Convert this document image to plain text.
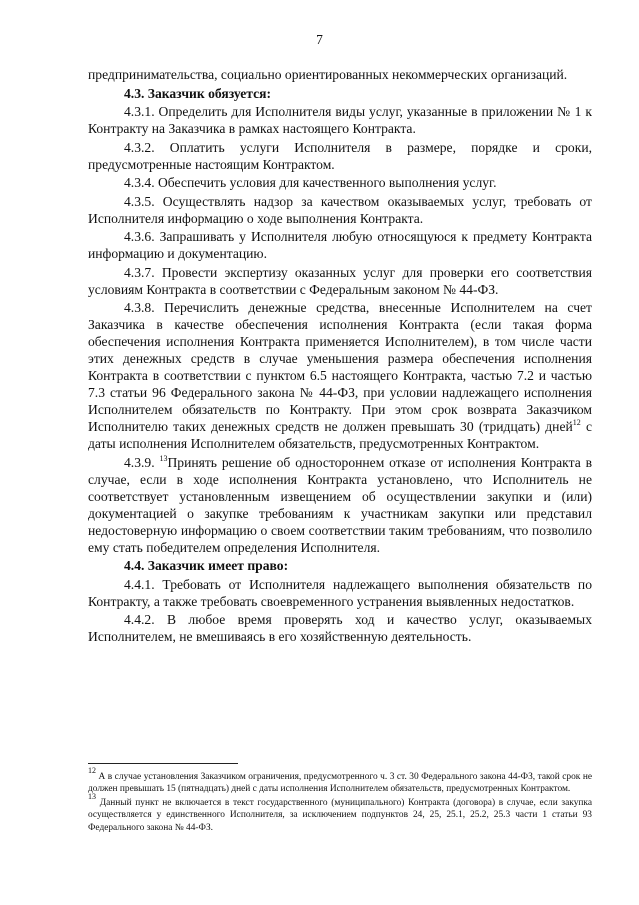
7

предпринимательства, социально ориентированных некоммерческих организаций.

4.3. Заказчик обязуется:

4.3.1. Определить для Исполнителя виды услуг, указанные в приложении № 1 к Контракту на Заказчика в рамках настоящего Контракта.

4.3.2. Оплатить услуги Исполнителя в размере, порядке и сроки, предусмотренные настоящим Контрактом.

4.3.4. Обеспечить условия для качественного выполнения услуг.

4.3.5. Осуществлять надзор за качеством оказываемых услуг, требовать от Исполнителя информацию о ходе выполнения Контракта.

4.3.6. Запрашивать у Исполнителя любую относящуюся к предмету Контракта информацию и документацию.

4.3.7. Провести экспертизу оказанных услуг для проверки его соответствия условиям Контракта в соответствии с Федеральным законом № 44-ФЗ.

4.3.8. Перечислить денежные средства, внесенные Исполнителем на счет Заказчика в качестве обеспечения исполнения Контракта (если такая форма обеспечения исполнения Контракта применяется Исполнителем), в том числе части этих денежных средств в случае уменьшения размера обеспечения исполнения Контракта в соответствии с пунктом 6.5 настоящего Контракта, частью 7.2 и частью 7.3 статьи 96 Федерального закона № 44-ФЗ, при условии надлежащего исполнения Исполнителем обязательств по Контракту. При этом срок возврата Заказчиком Исполнителю таких денежных средств не должен превышать 30 (тридцать) дней$^{12}$ с даты исполнения Исполнителем обязательств, предусмотренных Контрактом.

4.3.9. $^{13}$Принять решение об одностороннем отказе от исполнения Контракта в случае, если в ходе исполнения Контракта установлено, что Исполнитель не соответствует установленным извещением об осуществлении закупки и (или) документацией о закупке требованиям к участникам закупки или представил недостоверную информацию о своем соответствии таким требованиям, что позволило ему стать победителем определения Исполнителя.

4.4. Заказчик имеет право:

4.4.1. Требовать от Исполнителя надлежащего выполнения обязательств по Контракту, а также требовать своевременного устранения выявленных недостатков.

4.4.2. В любое время проверять ход и качество услуг, оказываемых Исполнителем, не вмешиваясь в его хозяйственную деятельность.

$^{12}$ А в случае установления Заказчиком ограничения, предусмотренного ч. 3 ст. 30 Федерального закона 44-ФЗ, такой срок не должен превышать 15 (пятнадцать) дней с даты исполнения Исполнителем обязательств, предусмотренных Контрактом.

$^{13}$ Данный пункт не включается в текст государственного (муниципального) Контракта (договора) в случае, если закупка осуществляется у единственного Исполнителя, за исключением подпунктов 24, 25, 25.1, 25.2, 25.3 части 1 статьи 93 Федерального закона № 44-ФЗ.
